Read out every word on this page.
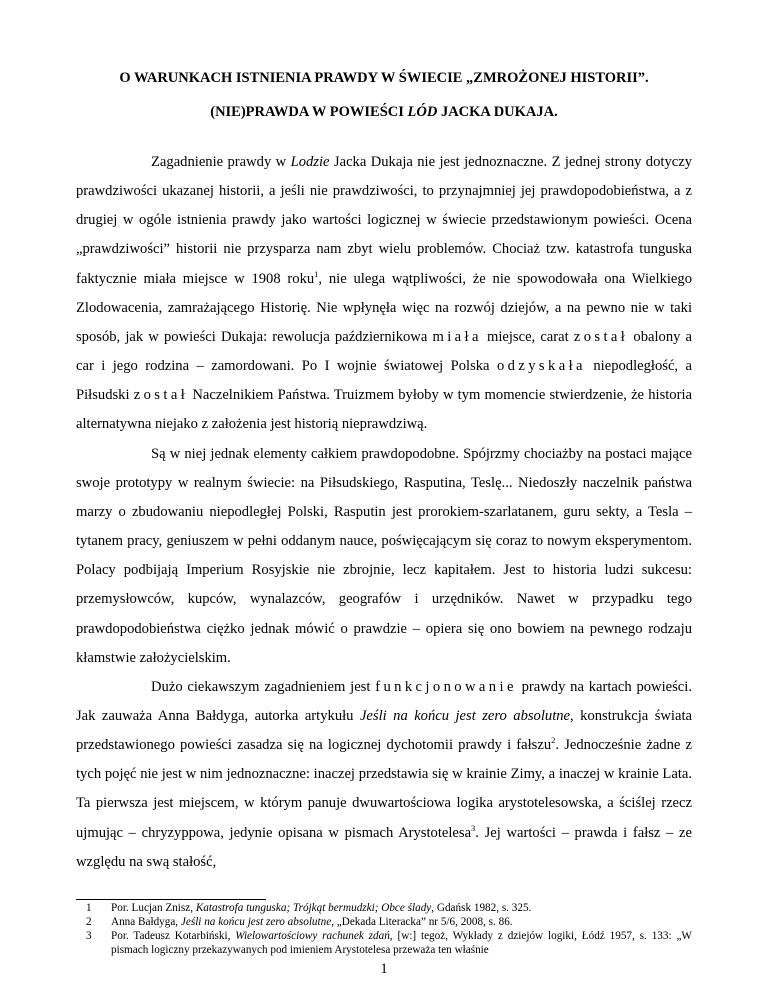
O WARUNKACH ISTNIENIA PRAWDY W ŚWIECIE „ZMROŻONEJ HISTORII”.
(NIE)PRAWDA W POWIEŚCI LÓD JACKA DUKAJA.

Zagadnienie prawdy w Lodzie Jacka Dukaja nie jest jednoznaczne. Z jednej strony dotyczy prawdziwości ukazanej historii, a jeśli nie prawdziwości, to przynajmniej jej prawdopodobieństwa, a z drugiej w ogóle istnienia prawdy jako wartości logicznej w świecie przedstawionym powieści. Ocena „prawdziwości” historii nie przysparza nam zbyt wielu problemów. Chociaż tzw. katastrofa tunguska faktycznie miała miejsce w 1908 roku$^1$, nie ulega wątpliwości, że nie spowodowała ona Wielkiego Zlodowacenia, zamrażającego Historię. Nie wpłynęła więc na rozwój dziejów, a na pewno nie w taki sposób, jak w powieści Dukaja: rewolucja październikowa miała miejsce, carat został obalony a car i jego rodzina – zamordowani. Po I wojnie światowej Polska odzyskała niepodległość, a Piłsudski został Naczelnikiem Państwa. Truizmem byłoby w tym momencie stwierdzenie, że historia alternatywna niejako z założenia jest historią nieprawdziwą.

Są w niej jednak elementy całkiem prawdopodobne. Spójrzmy chociażby na postaci mające swoje prototypy w realnym świecie: na Piłsudskiego, Rasputina, Teslę... Niedoszły naczelnik państwa marzy o zbudowaniu niepodległej Polski, Rasputin jest prorokiem-szarlatanem, guru sekty, a Tesla – tytanem pracy, geniuszem w pełni oddanym nauce, poświęcającym się coraz to nowym eksperymentom. Polacy podbijają Imperium Rosyjskie nie zbrojnie, lecz kapitałem. Jest to historia ludzi sukcesu: przemysłowców, kupców, wynalazców, geografów i urzędników. Nawet w przypadku tego prawdopodobieństwa ciężko jednak mówić o prawdzie – opiera się ono bowiem na pewnego rodzaju kłamstwie założycielskim.

Dużo ciekawszym zagadnieniem jest funkcjonowanie prawdy na kartach powieści. Jak zauważa Anna Bałdyga, autorka artykułu Jeśli na końcu jest zero absolutne, konstrukcja świata przedstawionego powieści zasadza się na logicznej dychotomii prawdy i fałszu$^2$. Jednocześnie żadne z tych pojęć nie jest w nim jednoznaczne: inaczej przedstawia się w krainie Zimy, a inaczej w krainie Lata. Ta pierwsza jest miejscem, w którym panuje dwuwartościowa logika arystotelesowska, a ściślej rzecz ujmując – chryzyppowa, jedynie opisana w pismach Arystotelesa$^3$. Jej wartości – prawda i fałsz – ze względu na swą stałość,

1	Por. Lucjan Znisz, Katastrofa tunguska; Trójkąt bermudzki; Obce ślady, Gdańsk 1982, s. 325.
2	Anna Bałdyga, Jeśli na końcu jest zero absolutne, „Dekada Literacka” nr 5/6, 2008, s. 86.
3	Por. Tadeusz Kotarbiński, Wielowartościowy rachunek zdań, [w:] tegoż, Wykłady z dziejów logiki, Łódź 1957, s. 133: „W pismach logiczny przekazywanych pod imieniem Arystotelesa przeważa ten właśnie
1
